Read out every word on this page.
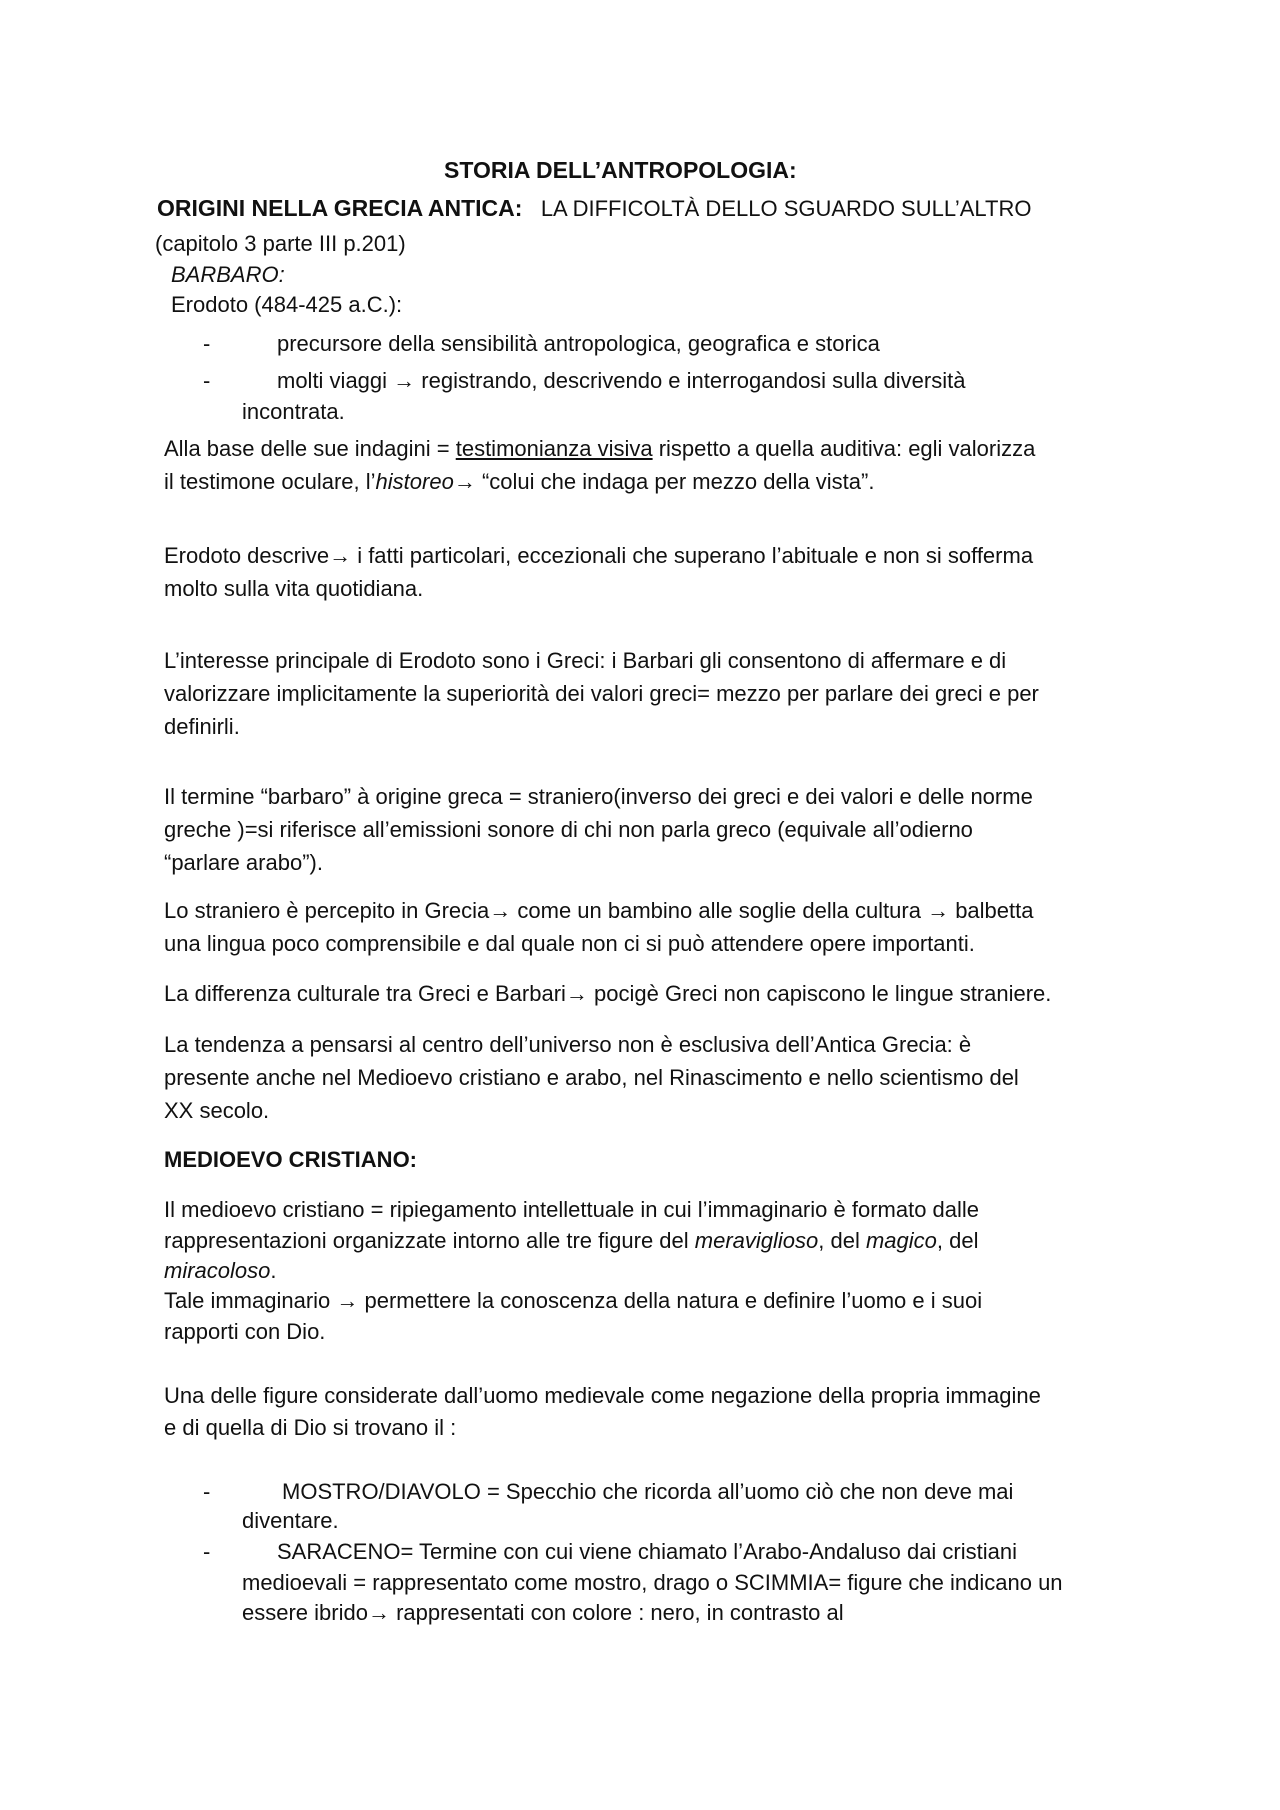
STORIA DELL’ANTROPOLOGIA:
ORIGINI NELLA GRECIA ANTICA: LA DIFFICOLTÀ DELLO SGUARDO SULL’ALTRO
(capitolo 3 parte III p.201)
BARBARO:
Erodoto (484-425 a.C.):
-	precursore della sensibilità antropologica, geografica e storica
-	molti viaggi → registrando, descrivendo e interrogandosi sulla diversità
incontrata.
Alla base delle sue indagini = testimonianza visiva rispetto a quella auditiva: egli valorizza
il testimone oculare, l’historeo→ “colui che indaga per mezzo della vista”.
Erodoto descrive→ i fatti particolari, eccezionali che superano l’abituale e non si sofferma
molto sulla vita quotidiana.
L’interesse principale di Erodoto sono i Greci: i Barbari gli consentono di affermare e di
valorizzare implicitamente la superiorità dei valori greci= mezzo per parlare dei greci e per
definirli.
Il termine “barbaro” à origine greca = straniero(inverso dei greci e dei valori e delle norme
greche )=si riferisce all’emissioni sonore di chi non parla greco (equivale all’odierno
“parlare arabo”).
Lo straniero è percepito in Grecia→ come un bambino alle soglie della cultura → balbetta
una lingua poco comprensibile e dal quale non ci si può attendere opere importanti.
La differenza culturale tra Greci e Barbari→ pocigè Greci non capiscono le lingue straniere.
La tendenza a pensarsi al centro dell’universo non è esclusiva dell’Antica Grecia: è
presente anche nel Medioevo cristiano e arabo, nel Rinascimento e nello scientismo del
XX secolo.
MEDIOEVO CRISTIANO:
Il medioevo cristiano = ripiegamento intellettuale in cui l’immaginario è formato dalle
rappresentazioni organizzate intorno alle tre figure del meraviglioso, del magico, del
miracoloso.
Tale immaginario → permettere la conoscenza della natura e definire l’uomo e i suoi
rapporti con Dio.
Una delle figure considerate dall’uomo medievale come negazione della propria immagine
e di quella di Dio si trovano il :
-	MOSTRO/DIAVOLO = Specchio che ricorda all’uomo ciò che non deve mai
diventare.
-	SARACENO= Termine con cui viene chiamato l’Arabo-Andaluso dai cristiani
medioevali = rappresentato come mostro, drago o SCIMMIA= figure che indicano un
essere ibrido→ rappresentati con colore : nero, in contrasto al
